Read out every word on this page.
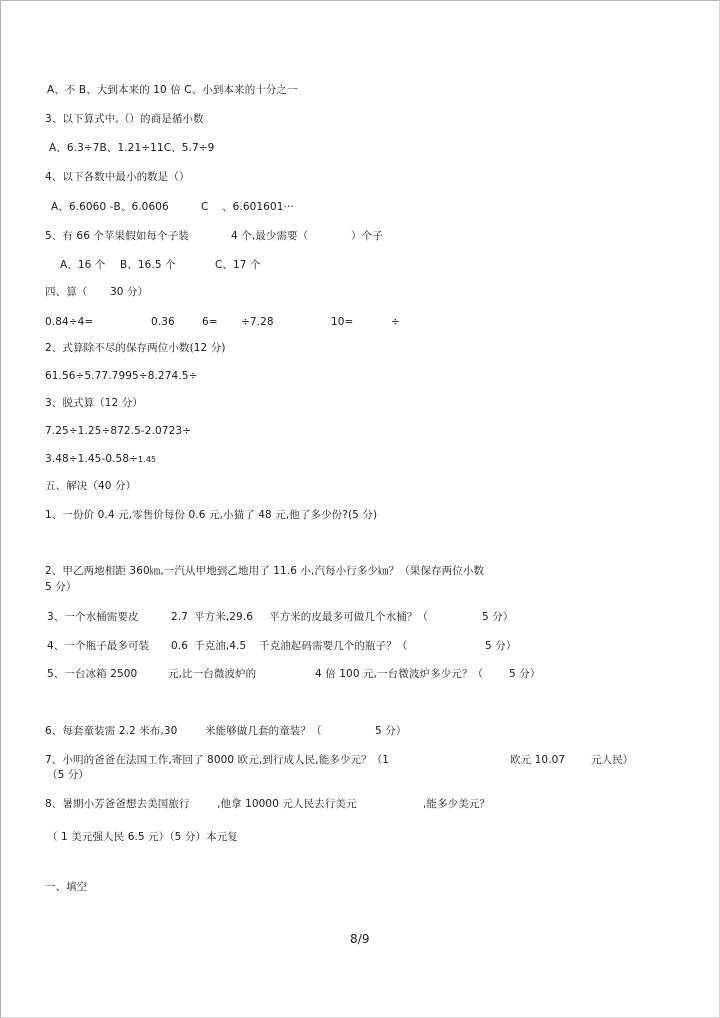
A、不 B、大到本来的 10 倍 C、小到本来的十分之一
3、以下算式中,（）的商是循小数
A、6.3÷7B、1.21÷11C、5.7÷9
4、以下各数中最小的数是（）
A、6.6060 -B、6.0606	C 、6.601601···
5、有 66 个苹果假如每个子装	4 个,最少需要（	）个子
A、16 个 B、16.5 个	C、17 个
四、算（ 30 分）
0.84÷4=	0.36	6= ÷7.28	10=	÷
2、式算除不尽的保存两位小数(12 分)
61.56÷5.77.7995÷8.274.5÷
3、脱式算（12 分）
7.25÷1.25÷872.5-2.0723÷
3.48÷1.45-0.58÷1.45
五、解决（40 分）
1、一份价 0.4 元,零售价每份 0.6 元,小猫了 48 元,他了多少份?(5 分)
2、甲乙两地相距 360㎞,一汽从甲地到乙地用了 11.6 小,汽每小行多少㎞？（果保存两位小数
5 分）
3、一个水桶需要皮	2.7 平方米,29.6 平方米的皮最多可做几个水桶？（	5 分）
4、一个瓶子最多可装 0.6 千克油,4.5 千克油起码需要几个的瓶子？（	5 分）
5、一台冰箱 2500	元,比一台微波炉的	4 倍 100 元,一台微波炉多少元？（ 5 分）
6、每套童装需 2.2 米布,30	米能够做几套的童装？（	5 分）
7、小明的爸爸在法国工作,寄回了 8000 欧元,到行成人民,能多少元？（1	欧元 10.07 元人民）
（5 分）
8、暑期小芳爸爸想去美国旅行	,他拿 10000 元人民去行美元	,能多少美元？
（ 1 美元强人民 6.5 元）（5 分）本元复
一、填空
8/9
